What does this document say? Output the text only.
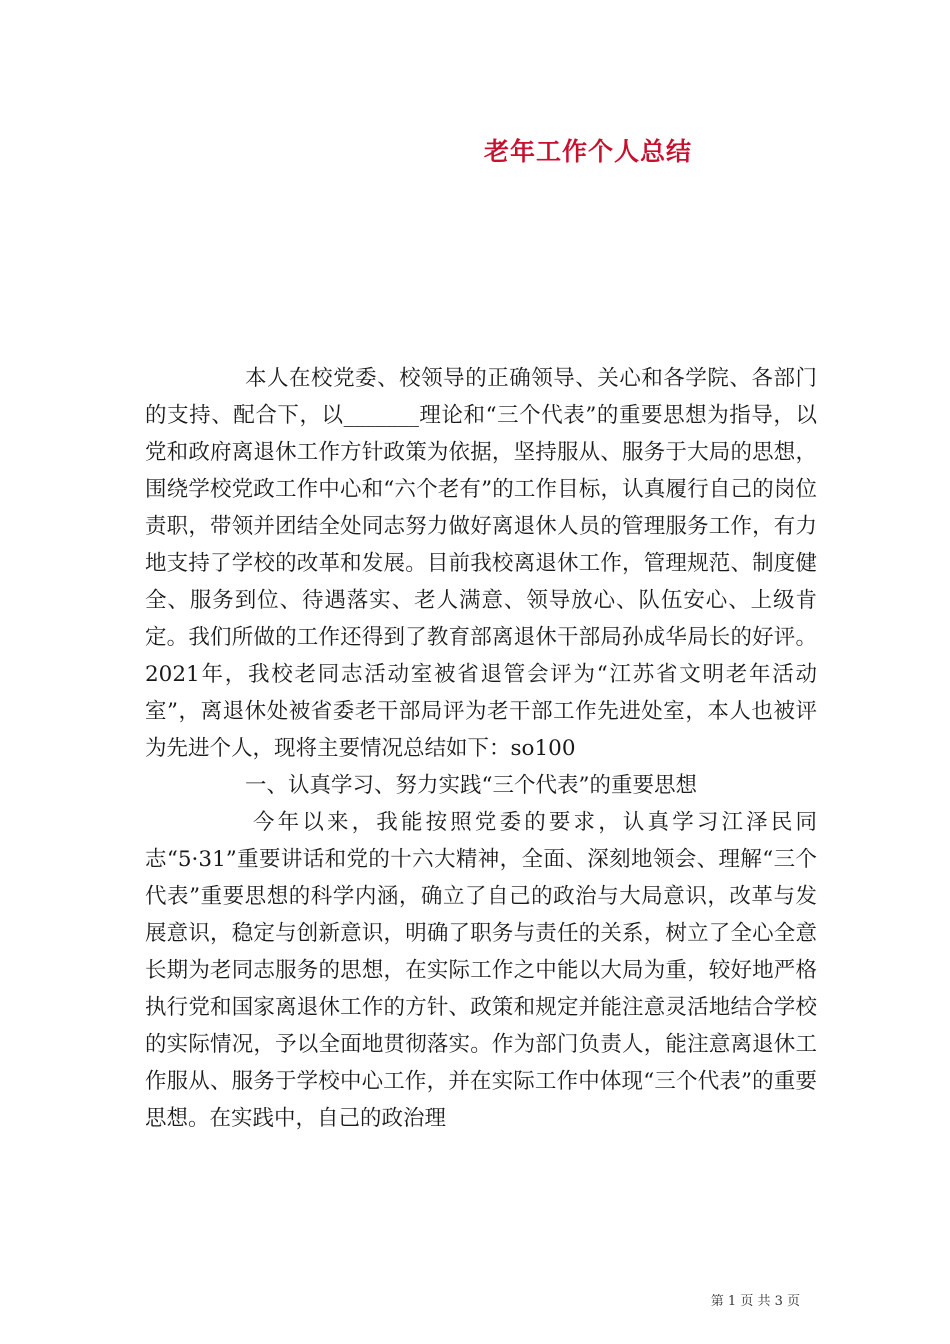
老年工作个人总结

本人在校党委、校领导的正确领导、关心和各学院、各部门的支持、配合下，以_______理论和“三个代表”的重要思想为指导，以党和政府离退休工作方针政策为依据，坚持服从、服务于大局的思想，围绕学校党政工作中心和“六个老有”的工作目标，认真履行自己的岗位责职，带领并团结全处同志努力做好离退休人员的管理服务工作，有力地支持了学校的改革和发展。目前我校离退休工作，管理规范、制度健全、服务到位、待遇落实、老人满意、领导放心、队伍安心、上级肯定。我们所做的工作还得到了教育部离退休干部局孙成华局长的好评。2021年，我校老同志活动室被省退管会评为“江苏省文明老年活动室”，离退休处被省委老干部局评为老干部工作先进处室，本人也被评为先进个人，现将主要情况总结如下：so100

一、认真学习、努力实践“三个代表”的重要思想

今年以来，我能按照党委的要求，认真学习江泽民同志“5·31”重要讲话和党的十六大精神，全面、深刻地领会、理解“三个代表”重要思想的科学内涵，确立了自己的政治与大局意识，改革与发展意识，稳定与创新意识，明确了职务与责任的关系，树立了全心全意长期为老同志服务的思想，在实际工作之中能以大局为重，较好地严格执行党和国家离退休工作的方针、政策和规定并能注意灵活地结合学校的实际情况，予以全面地贯彻落实。作为部门负责人，能注意离退休工作服从、服务于学校中心工作，并在实际工作中体现“三个代表”的重要思想。在实践中，自己的政治理

第 1 页 共 3 页
